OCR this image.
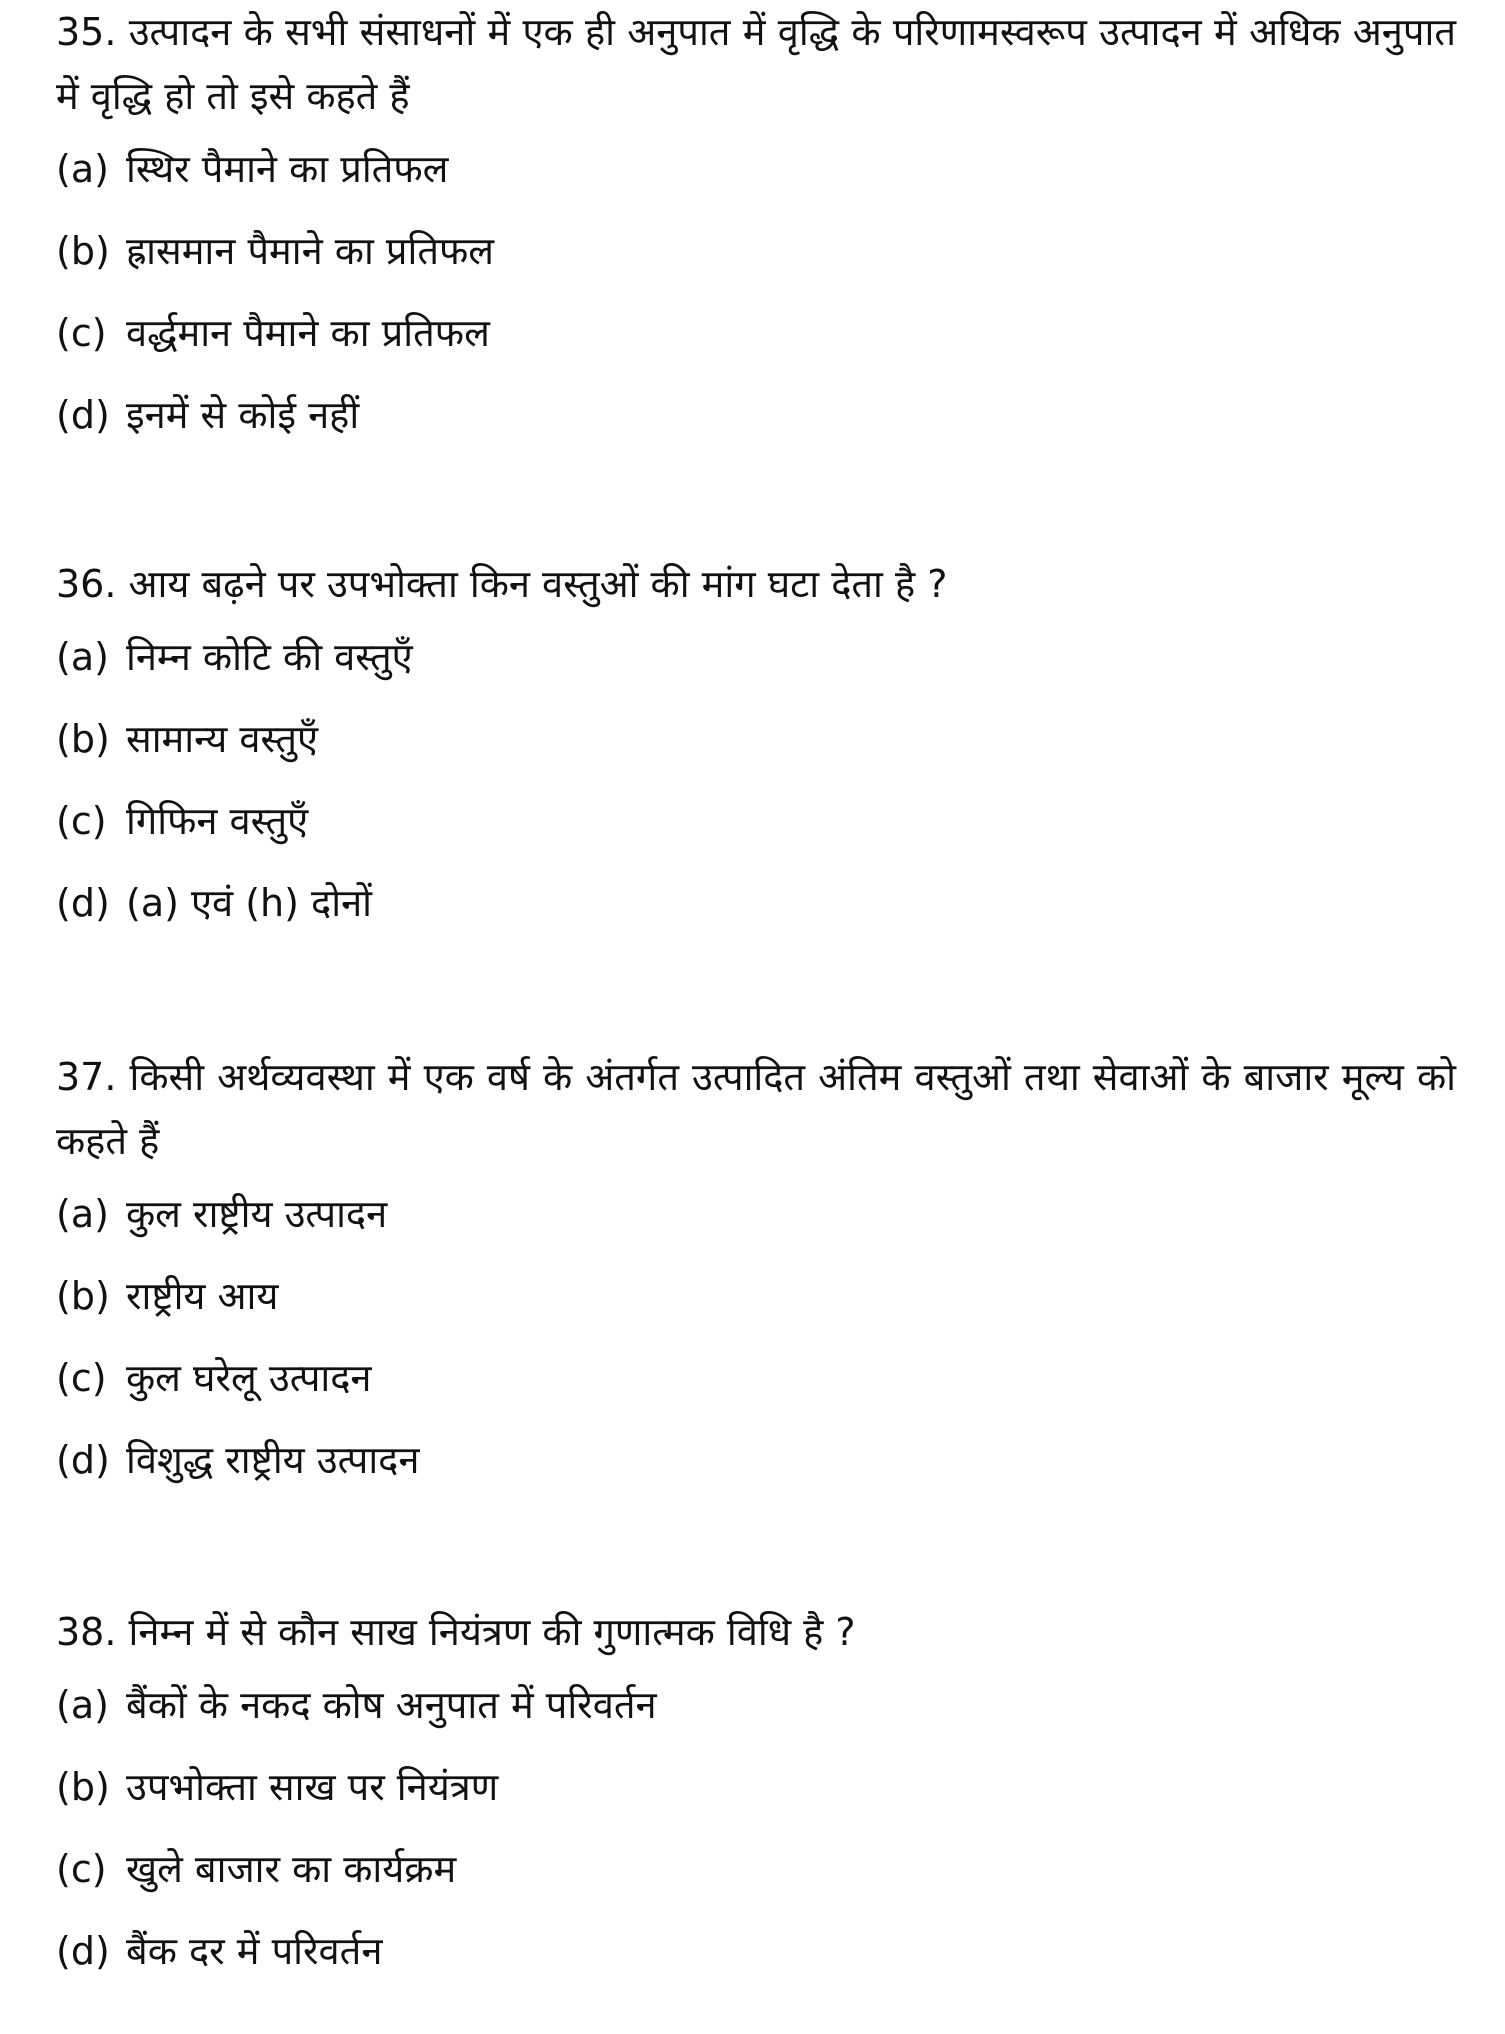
35. उत्पादन के सभी संसाधनों में एक ही अनुपात में वृद्धि के परिणामस्वरूप उत्पादन में अधिक अनुपात में वृद्धि हो तो इसे कहते हैं
(a) स्थिर पैमाने का प्रतिफल
(b) ह्रासमान पैमाने का प्रतिफल
(c) वर्द्धमान पैमाने का प्रतिफल
(d) इनमें से कोई नहीं
36. आय बढ़ने पर उपभोक्ता किन वस्तुओं की मांग घटा देता है ?
(a) निम्न कोटि की वस्तुएँ
(b) सामान्य वस्तुएँ
(c) गिफिन वस्तुएँ
(d) (a) एवं (h) दोनों
37. किसी अर्थव्यवस्था में एक वर्ष के अंतर्गत उत्पादित अंतिम वस्तुओं तथा सेवाओं के बाजार मूल्य को कहते हैं
(a) कुल राष्ट्रीय उत्पादन
(b) राष्ट्रीय आय
(c) कुल घरेलू उत्पादन
(d) विशुद्ध राष्ट्रीय उत्पादन
38. निम्न में से कौन साख नियंत्रण की गुणात्मक विधि है ?
(a) बैंकों के नकद कोष अनुपात में परिवर्तन
(b) उपभोक्ता साख पर नियंत्रण
(c) खुले बाजार का कार्यक्रम
(d) बैंक दर में परिवर्तन
